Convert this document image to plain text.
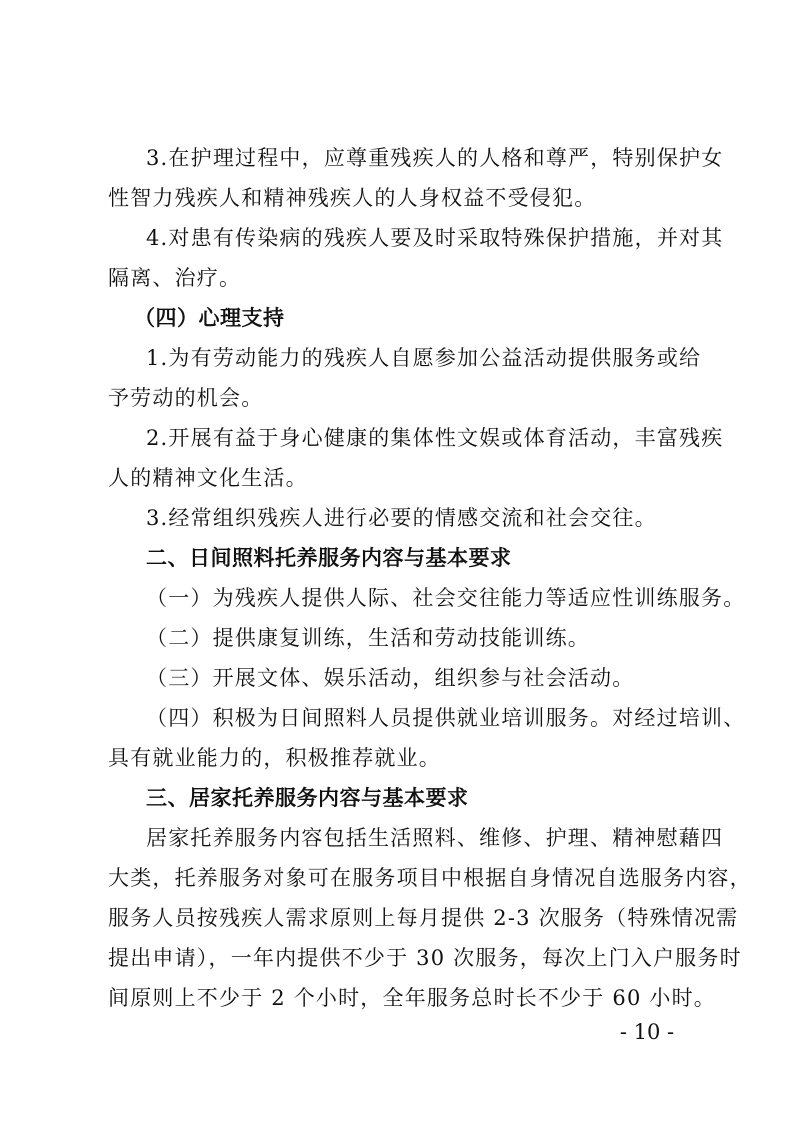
3.在护理过程中，应尊重残疾人的人格和尊严，特别保护女
性智力残疾人和精神残疾人的人身权益不受侵犯。
4.对患有传染病的残疾人要及时采取特殊保护措施，并对其
隔离、治疗。
（四）心理支持
1.为有劳动能力的残疾人自愿参加公益活动提供服务或给
予劳动的机会。
2.开展有益于身心健康的集体性文娱或体育活动，丰富残疾
人的精神文化生活。
3.经常组织残疾人进行必要的情感交流和社会交往。
二、日间照料托养服务内容与基本要求
（一）为残疾人提供人际、社会交往能力等适应性训练服务。
（二）提供康复训练，生活和劳动技能训练。
（三）开展文体、娱乐活动，组织参与社会活动。
（四）积极为日间照料人员提供就业培训服务。对经过培训、
具有就业能力的，积极推荐就业。
三、居家托养服务内容与基本要求
居家托养服务内容包括生活照料、维修、护理、精神慰藉四
大类，托养服务对象可在服务项目中根据自身情况自选服务内容，
服务人员按残疾人需求原则上每月提供 2-3 次服务（特殊情况需
提出申请），一年内提供不少于 30 次服务，每次上门入户服务时
间原则上不少于 2 个小时，全年服务总时长不少于 60 小时。
- 10 -
